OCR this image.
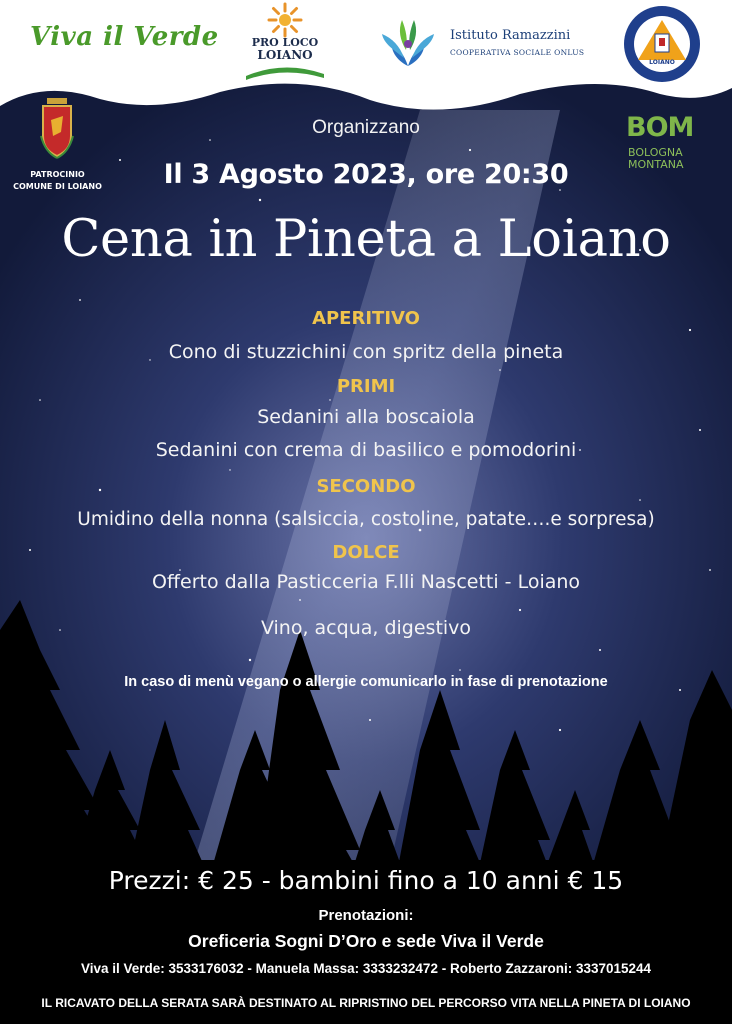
Viva il Verde	PRO LOCO
LOIANO
Istituto Ramazzini
COOPERATIVA SOCIALE ONLUS
LOIANO
PATROCINIO
COMUNE DI LOIANO
BOM
BOLOGNA
MONTANA
Organizzano
Il 3 Agosto 2023, ore 20:30
Cena in Pineta a Loiano
APERITIVO
Cono di stuzzichini con spritz della pineta
PRIMI
Sedanini alla boscaiola
Sedanini con crema di basilico e pomodorini
SECONDO
Umidino della nonna (salsiccia, costoline, patate….e sorpresa)
DOLCE
Offerto dalla Pasticceria F.lli Nascetti - Loiano
Vino, acqua, digestivo
In caso di menù vegano o allergie comunicarlo in fase di prenotazione
Prezzi: € 25 - bambini fino a 10 anni € 15
Prenotazioni:
Oreficeria Sogni D’Oro e sede Viva il Verde
Viva il Verde: 3533176032 - Manuela Massa: 3333232472 - Roberto Zazzaroni: 3337015244
IL RICAVATO DELLA SERATA SARÀ DESTINATO AL RIPRISTINO DEL PERCORSO VITA NELLA PINETA DI LOIANO
